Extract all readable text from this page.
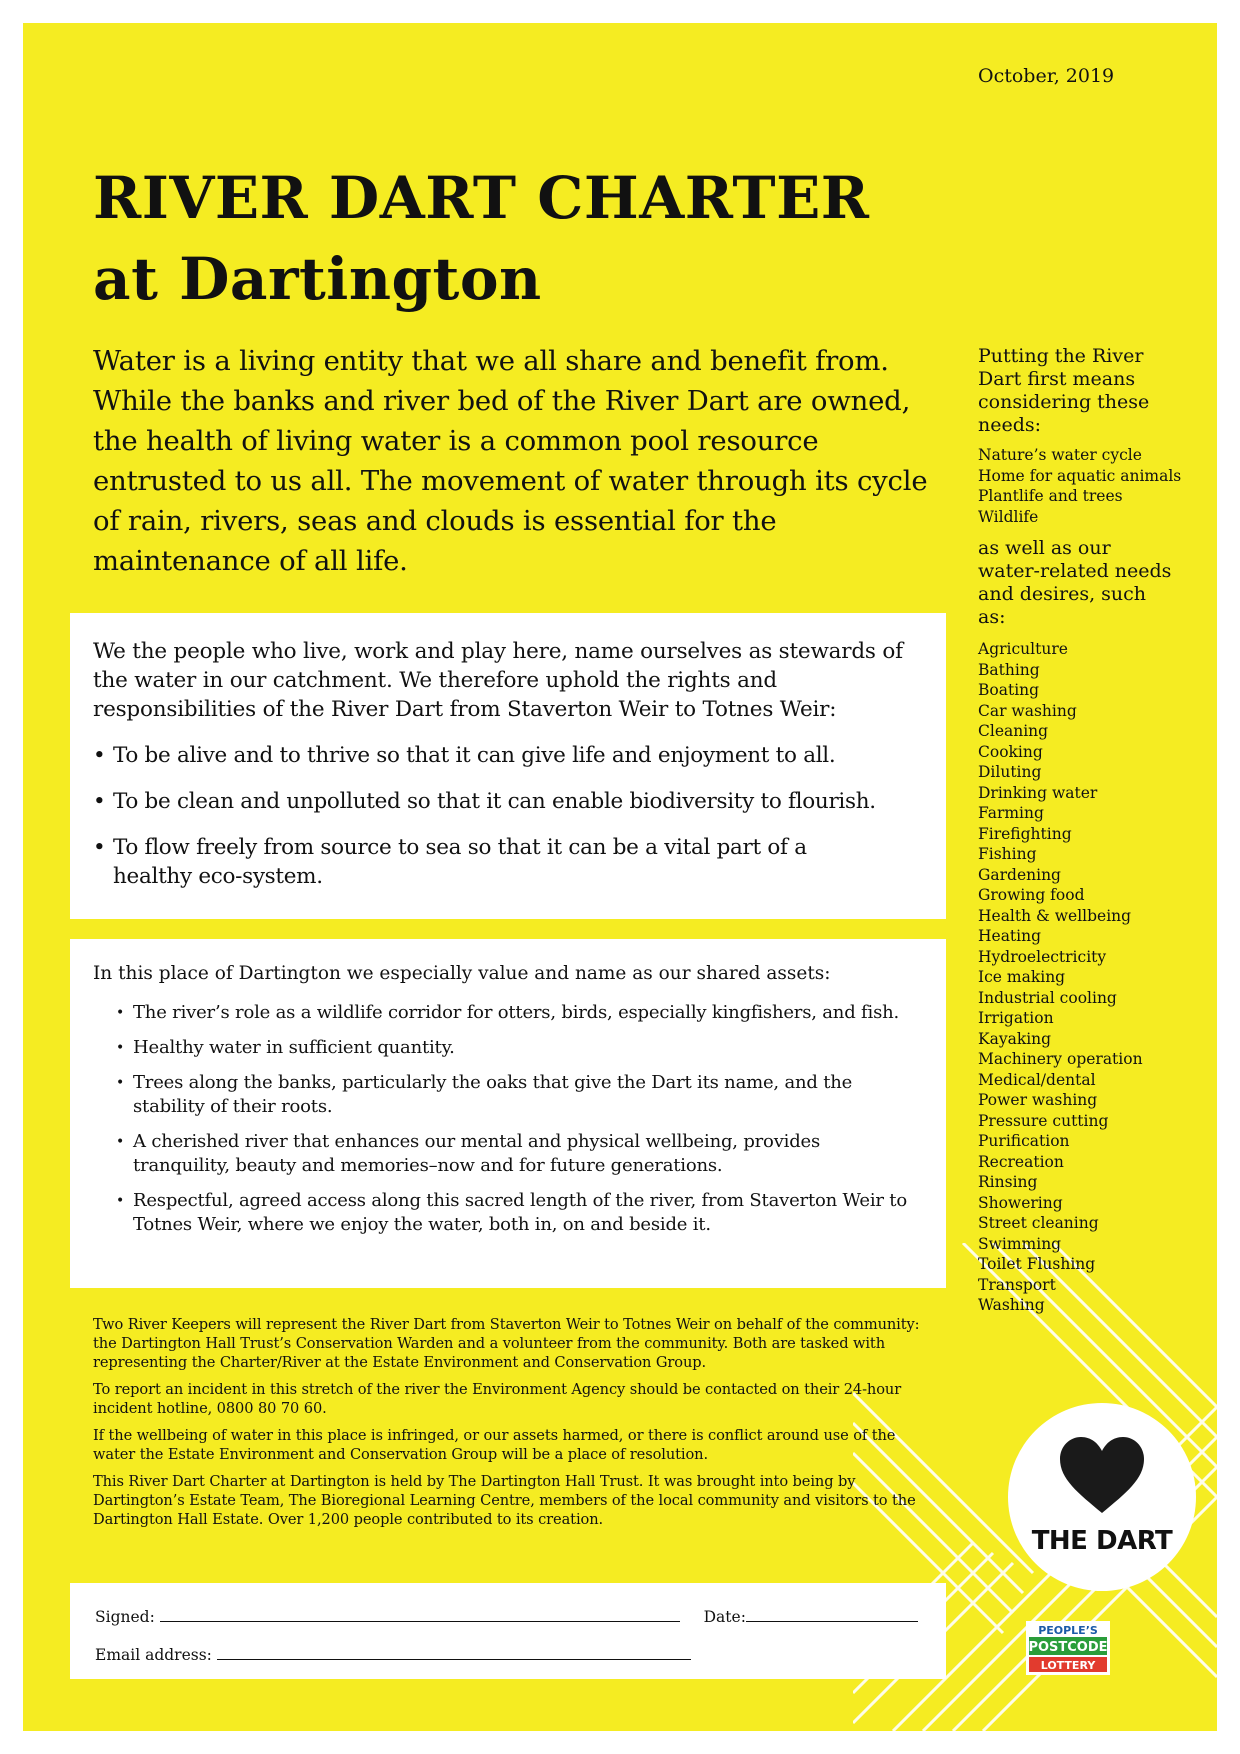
October, 2019
RIVER DART CHARTER
at Dartington

Water is a living entity that we all share and benefit from. While the banks and river bed of the River Dart are owned, the health of living water is a common pool resource entrusted to us all. The movement of water through its cycle of rain, rivers, seas and clouds is essential for the maintenance of all life.

We the people who live, work and play here, name ourselves as stewards of the water in our catchment. We therefore uphold the rights and responsibilities of the River Dart from Staverton Weir to Totnes Weir:

• To be alive and to thrive so that it can give life and enjoyment to all.
• To be clean and unpolluted so that it can enable biodiversity to flourish.
• To flow freely from source to sea so that it can be a vital part of a healthy eco-system.

In this place of Dartington we especially value and name as our shared assets:

• The river’s role as a wildlife corridor for otters, birds, especially kingfishers, and fish.
• Healthy water in sufficient quantity.
• Trees along the banks, particularly the oaks that give the Dart its name, and the stability of their roots.
• A cherished river that enhances our mental and physical wellbeing, provides tranquility, beauty and memories–now and for future generations.
• Respectful, agreed access along this sacred length of the river, from Staverton Weir to Totnes Weir, where we enjoy the water, both in, on and beside it.

Two River Keepers will represent the River Dart from Staverton Weir to Totnes Weir on behalf of the community: the Dartington Hall Trust’s Conservation Warden and a volunteer from the community. Both are tasked with representing the Charter/River at the Estate Environment and Conservation Group.

To report an incident in this stretch of the river the Environment Agency should be contacted on their 24-hour incident hotline, 0800 80 70 60.

If the wellbeing of water in this place is infringed, or our assets harmed, or there is conflict around use of the water the Estate Environment and Conservation Group will be a place of resolution.

This River Dart Charter at Dartington is held by The Dartington Hall Trust. It was brought into being by Dartington’s Estate Team, The Bioregional Learning Centre, members of the local community and visitors to the Dartington Hall Estate. Over 1,200 people contributed to its creation.

Signed:	Date:
Email address:

Putting the River Dart first means considering these needs:

Nature’s water cycle
Home for aquatic animals
Plantlife and trees
Wildlife

as well as our water-related needs and desires, such as:

Agriculture
Bathing
Boating
Car washing
Cleaning
Cooking
Diluting
Drinking water
Farming
Firefighting
Fishing
Gardening
Growing food
Health & wellbeing
Heating
Hydroelectricity
Ice making
Industrial cooling
Irrigation
Kayaking
Machinery operation
Medical/dental
Power washing
Pressure cutting
Purification
Recreation
Rinsing
Showering
Street cleaning
Swimming
Toilet Flushing
Transport
Washing
THE DART
PEOPLE’S
POSTCODE
LOTTERY
